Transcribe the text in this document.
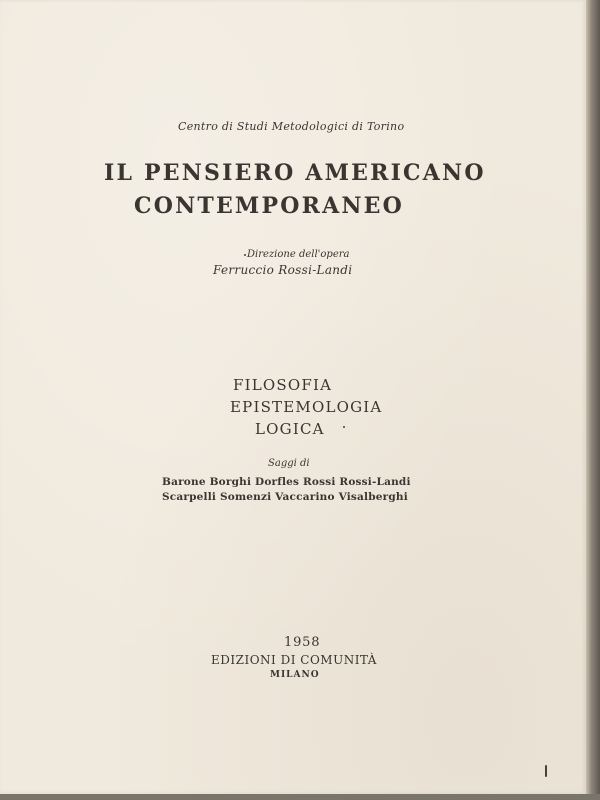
Centro di Studi Metodologici di Torino

IL PENSIERO AMERICANO
CONTEMPORANEO

Direzione dell'opera

Ferruccio Rossi-Landi

FILOSOFIA
EPISTEMOLOGIA
LOGICA

Saggi di

Barone Borghi Dorfles Rossi Rossi-Landi

Scarpelli Somenzi Vaccarino Visalberghi

1958

EDIZIONI DI COMUNITÀ

MILANO
